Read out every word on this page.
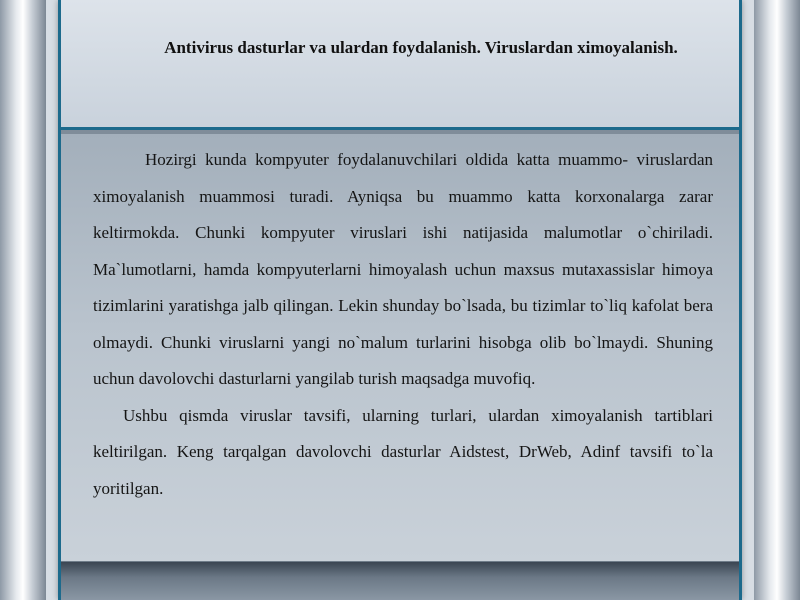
Antivirus dasturlar va ulardan foydalanish. Viruslardan ximoyalanish.

Hozirgi kunda kompyuter foydalanuvchilari oldida katta muammo- viruslardan ximoyalanish muammosi turadi. Ayniqsa bu muammo katta korxonalarga zarar keltirmokda. Chunki kompyuter viruslari ishi natijasida malumotlar o`chiriladi. Ma`lumotlarni, hamda kompyuterlarni himoyalash uchun maxsus mutaxassislar himoya tizimlarini yaratishga jalb qilingan. Lekin shunday bo`lsada, bu tizimlar to`liq kafolat bera olmaydi. Chunki viruslarni yangi no`malum turlarini hisobga olib bo`lmaydi. Shuning uchun davolovchi dasturlarni yangilab turish maqsadga muvofiq.

Ushbu qismda viruslar tavsifi, ularning turlari, ulardan ximoyalanish tartiblari keltirilgan. Keng tarqalgan davolovchi dasturlar Aidstest, DrWeb, Adinf tavsifi to`la yoritilgan.
